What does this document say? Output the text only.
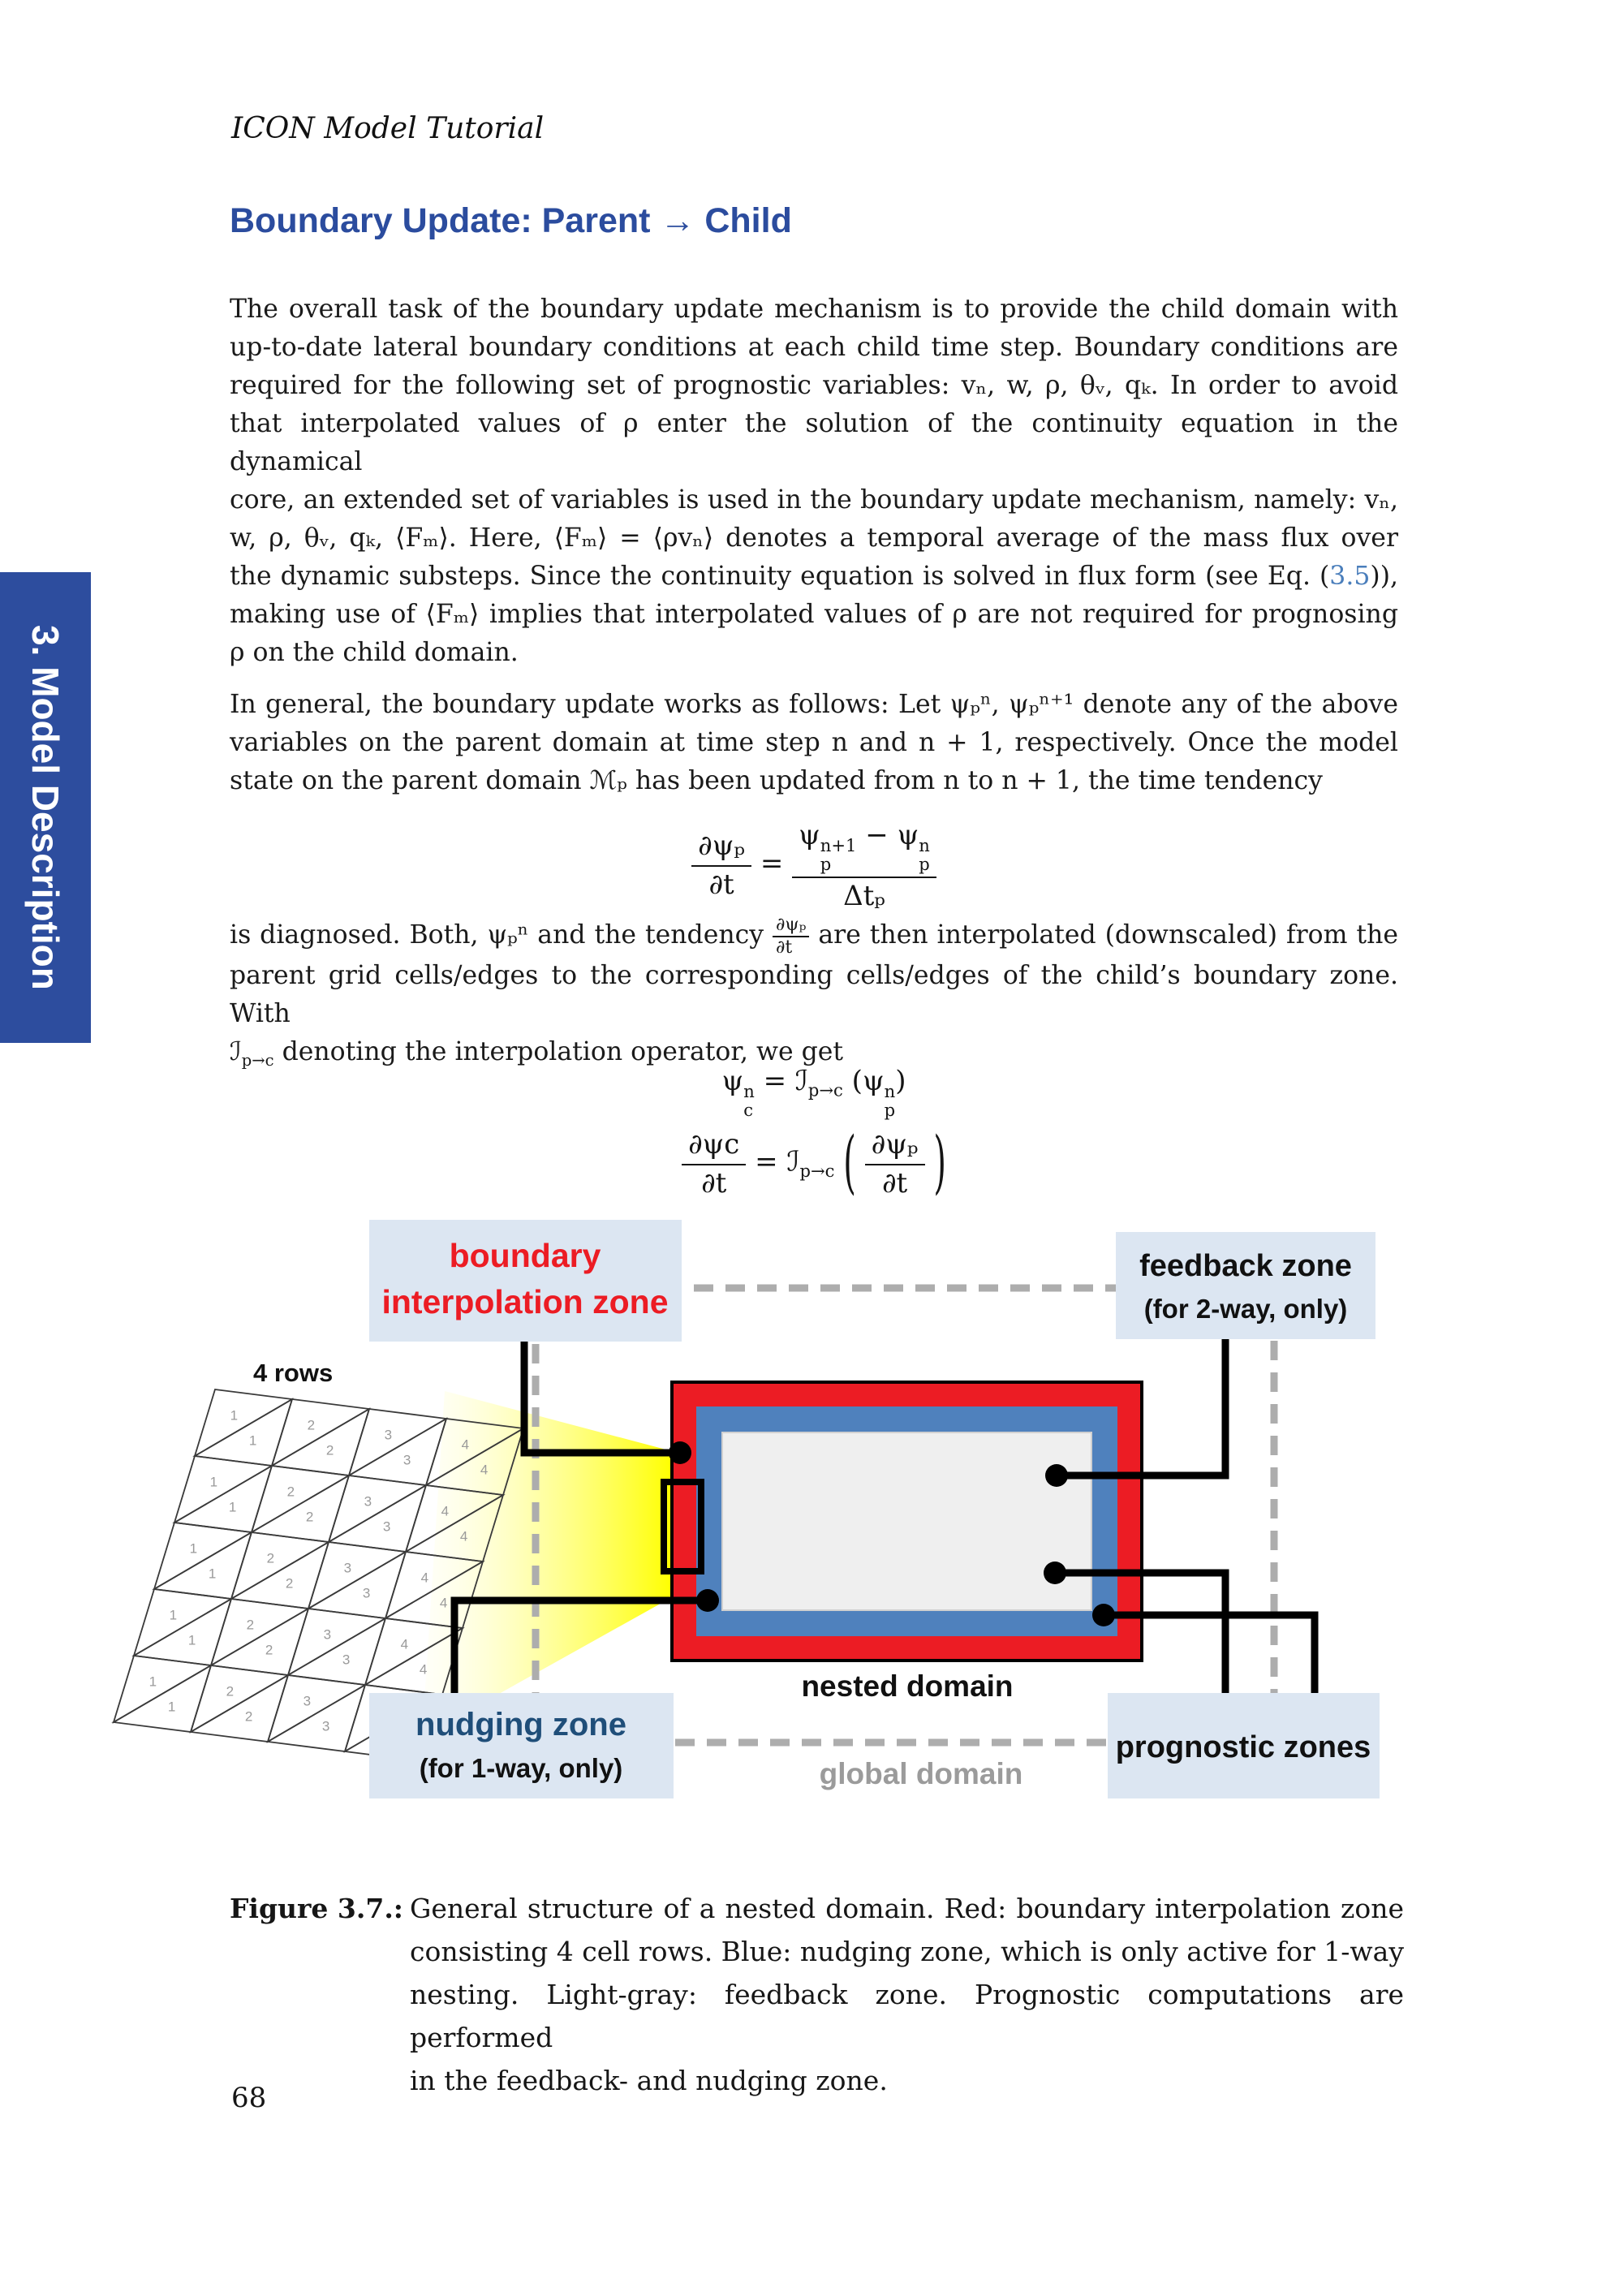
3. Model Description
ICON Model Tutorial
Boundary Update: Parent → Child
The overall task of the boundary update mechanism is to provide the child domain with
up-to-date lateral boundary conditions at each child time step. Boundary conditions are
required for the following set of prognostic variables: vₙ, w, ρ, θᵥ, qₖ. In order to avoid
that interpolated values of ρ enter the solution of the continuity equation in the dynamical
core, an extended set of variables is used in the boundary update mechanism, namely: vₙ,
w, ρ, θᵥ, qₖ, ⟨Fₘ⟩. Here, ⟨Fₘ⟩ = ⟨ρvₙ⟩ denotes a temporal average of the mass flux over
the dynamic substeps. Since the continuity equation is solved in flux form (see Eq. (3.5)),
making use of ⟨Fₘ⟩ implies that interpolated values of ρ are not required for prognosing
ρ on the child domain.
In general, the boundary update works as follows: Let ψₚⁿ, ψₚⁿ⁺¹ denote any of the above
variables on the parent domain at time step n and n + 1, respectively. Once the model
state on the parent domain ℳₚ has been updated from n to n + 1, the time tendency
$\frac{\text{∂ψₚ}}{\partial t} = \psi$ n+1
p
− ψ n
p
Δtₚ
is diagnosed. Both, ψₚⁿ and the tendency $\frac{\text{∂ψₚ}}{\partial t}$ are then interpolated (downscaled) from the
parent grid cells/edges to the corresponding cells/edges of the child’s boundary zone. With
ℐ$_{p\to c}$ denoting the interpolation operator, we get
ψ n
c
= ℐ$_{p\to c}$ (ψ n
p
)
$\frac{\partial\psi c}{\partial t}$ = ℐ$_{p\to c}$ ( $\frac{\text{∂ψₚ}}{\partial t}$ )
1
1
2
2
3
3
4
4
1
1
2
2
3
3
4
4
1
1
2
2
3
3
4
4
1
1
2
2
3
3
4
4
1
1
2
2
3
3
4 rows
boundary
interpolation zone
feedback zone
(for 2-way, only)
nudging zone
(for 1-way, only)
prognostic zones
nested domain
global domain
Figure 3.7.: General structure of a nested domain. Red: boundary interpolation zone
consisting 4 cell rows. Blue: nudging zone, which is only active for 1-way
nesting. Light-gray: feedback zone. Prognostic computations are performed
in the feedback- and nudging zone.
68
